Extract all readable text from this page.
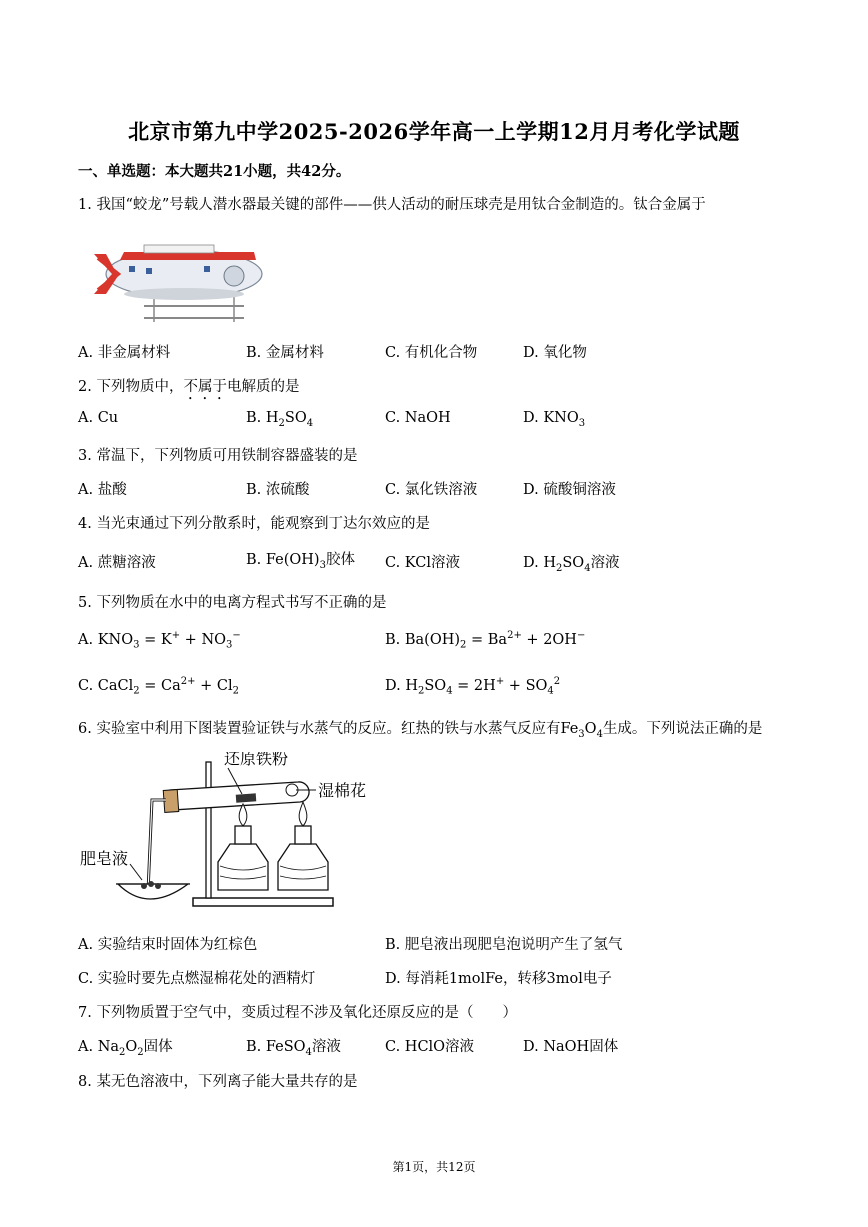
北京市第九中学2025-2026学年高一上学期12月月考化学试题
一、单选题：本大题共21小题，共42分。
1. 我国“蛟龙”号载人潜水器最关键的部件——供人活动的耐压球壳是用钛合金制造的。钛合金属于
A. 非金属材料	B. 金属材料	C. 有机化合物	D. 氧化物
2. 下列物质中，不属于电解质的是
A. Cu	B. $H_2SO_4$	C. NaOH	D. $KNO_3$
3. 常温下，下列物质可用铁制容器盛装的是
A. 盐酸	B. 浓硫酸	C. 氯化铁溶液	D. 硫酸铜溶液
4. 当光束通过下列分散系时，能观察到丁达尔效应的是
A. 蔗糖溶液	B. $Fe(OH)_3$胶体 C. KCl溶液	D. $H_2SO_4$溶液
5. 下列物质在水中的电离方程式书写不正确的是
A. $KNO_3 = K^+ + NO_3^-$	B. $Ba(OH)_2 = Ba^{2+} + 2OH^-$
C. CaCl$_2$ = $Ca^{2+} + Cl_2$	D. $H_2SO_4 = 2H^+ + SO_4^2$
6. 实验室中利用下图装置验证铁与水蒸气的反应。红热的铁与水蒸气反应有$Fe_3O_4$生成。下列说法正确的是
还原铁粉
湿棉花
肥皂液
A. 实验结束时固体为红棕色	B. 肥皂液出现肥皂泡说明产生了氢气
C. 实验时要先点燃湿棉花处的酒精灯	D. 每消耗1molFe，转移3mol电子
7. 下列物质置于空气中，变质过程不涉及氧化还原反应的是（　　）
A. $Na_2O_2$固体	B. FeSO$_4$溶液	C. HClO溶液	D. NaOH固体
8. 某无色溶液中，下列离子能大量共存的是
第1页，共12页
